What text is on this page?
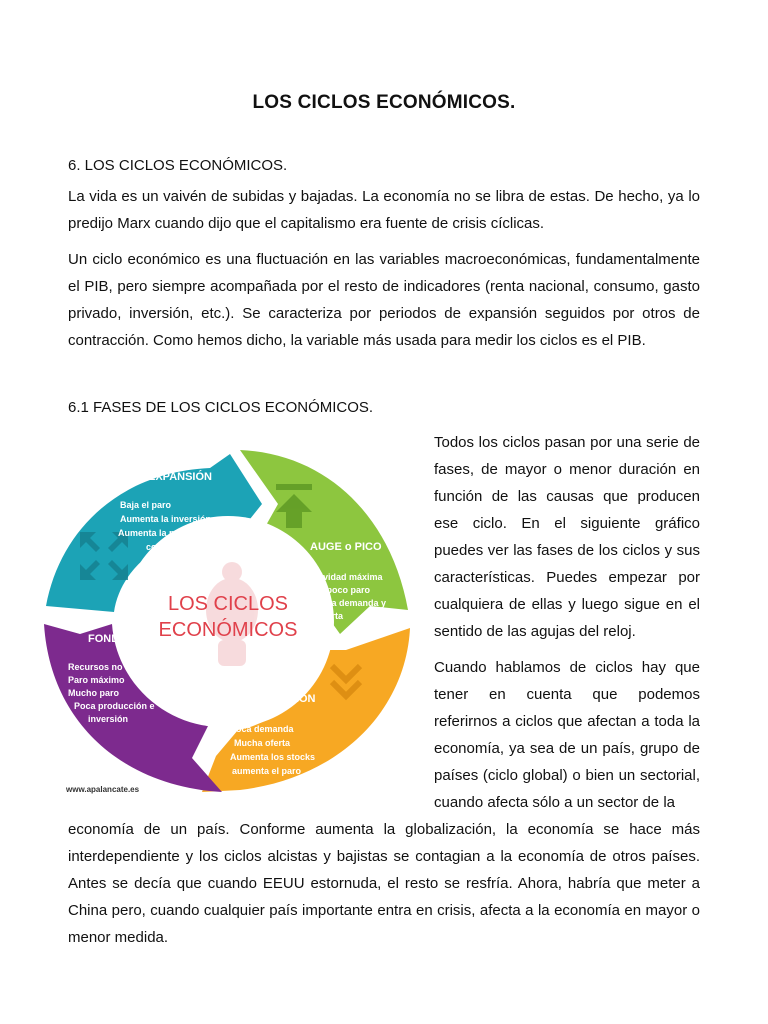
LOS CICLOS ECONÓMICOS.
6. LOS CICLOS ECONÓMICOS.

La vida es un vaivén de subidas y bajadas. La economía no se libra de estas. De hecho, ya lo predijo Marx cuando dijo que el capitalismo era fuente de crisis cíclicas.

Un ciclo económico es una fluctuación en las variables macroeconómicas, fundamentalmente el PIB, pero siempre acompañada por el resto de indicadores (renta nacional, consumo, gasto privado, inversión, etc.). Se caracteriza por periodos de expansión seguidos por otros de contracción. Como hemos dicho, la variable más usada para medir los ciclos es el PIB.

6.1 FASES DE LOS CICLOS ECONÓMICOS.

Todos los ciclos pasan por una serie de fases, de mayor o menor duración en función de las causas que producen ese ciclo. En el siguiente gráfico puedes ver las fases de los ciclos y sus características. Puedes empezar por cualquiera de ellas y luego sigue en el sentido de las agujas del reloj.

Cuando hablamos de ciclos hay que tener en cuenta que podemos referirnos a ciclos que afectan a toda la economía, ya sea de un país, grupo de países (ciclo global) o bien un sectorial, cuando afecta sólo a un sector de la

economía de un país. Conforme aumenta la globalización, la economía se hace más interdependiente y los ciclos alcistas y bajistas se contagian a la economía de otros países. Antes se decía que cuando EEUU estornuda, el resto se resfría. Ahora, habría que meter a China pero, cuando cualquier país importante entra en crisis, afecta a la economía en mayor o menor medida.

EXPANSIÓN
AUGE o PICO
RECESIÓN
FONDO
Baja el paro
Aumenta la inversión
Aumenta la producción y el
consumo
Actividad máxima
Muy poco paro
Mucha demanda y
oferta
Poca demanda
Mucha oferta
Aumenta los stocks
aumenta el paro
Recursos no usados
Paro máximo
Mucho paro
Poca producción e
inversión
LOS CICLOS
ECONÓMICOS
www.apalancate.es
